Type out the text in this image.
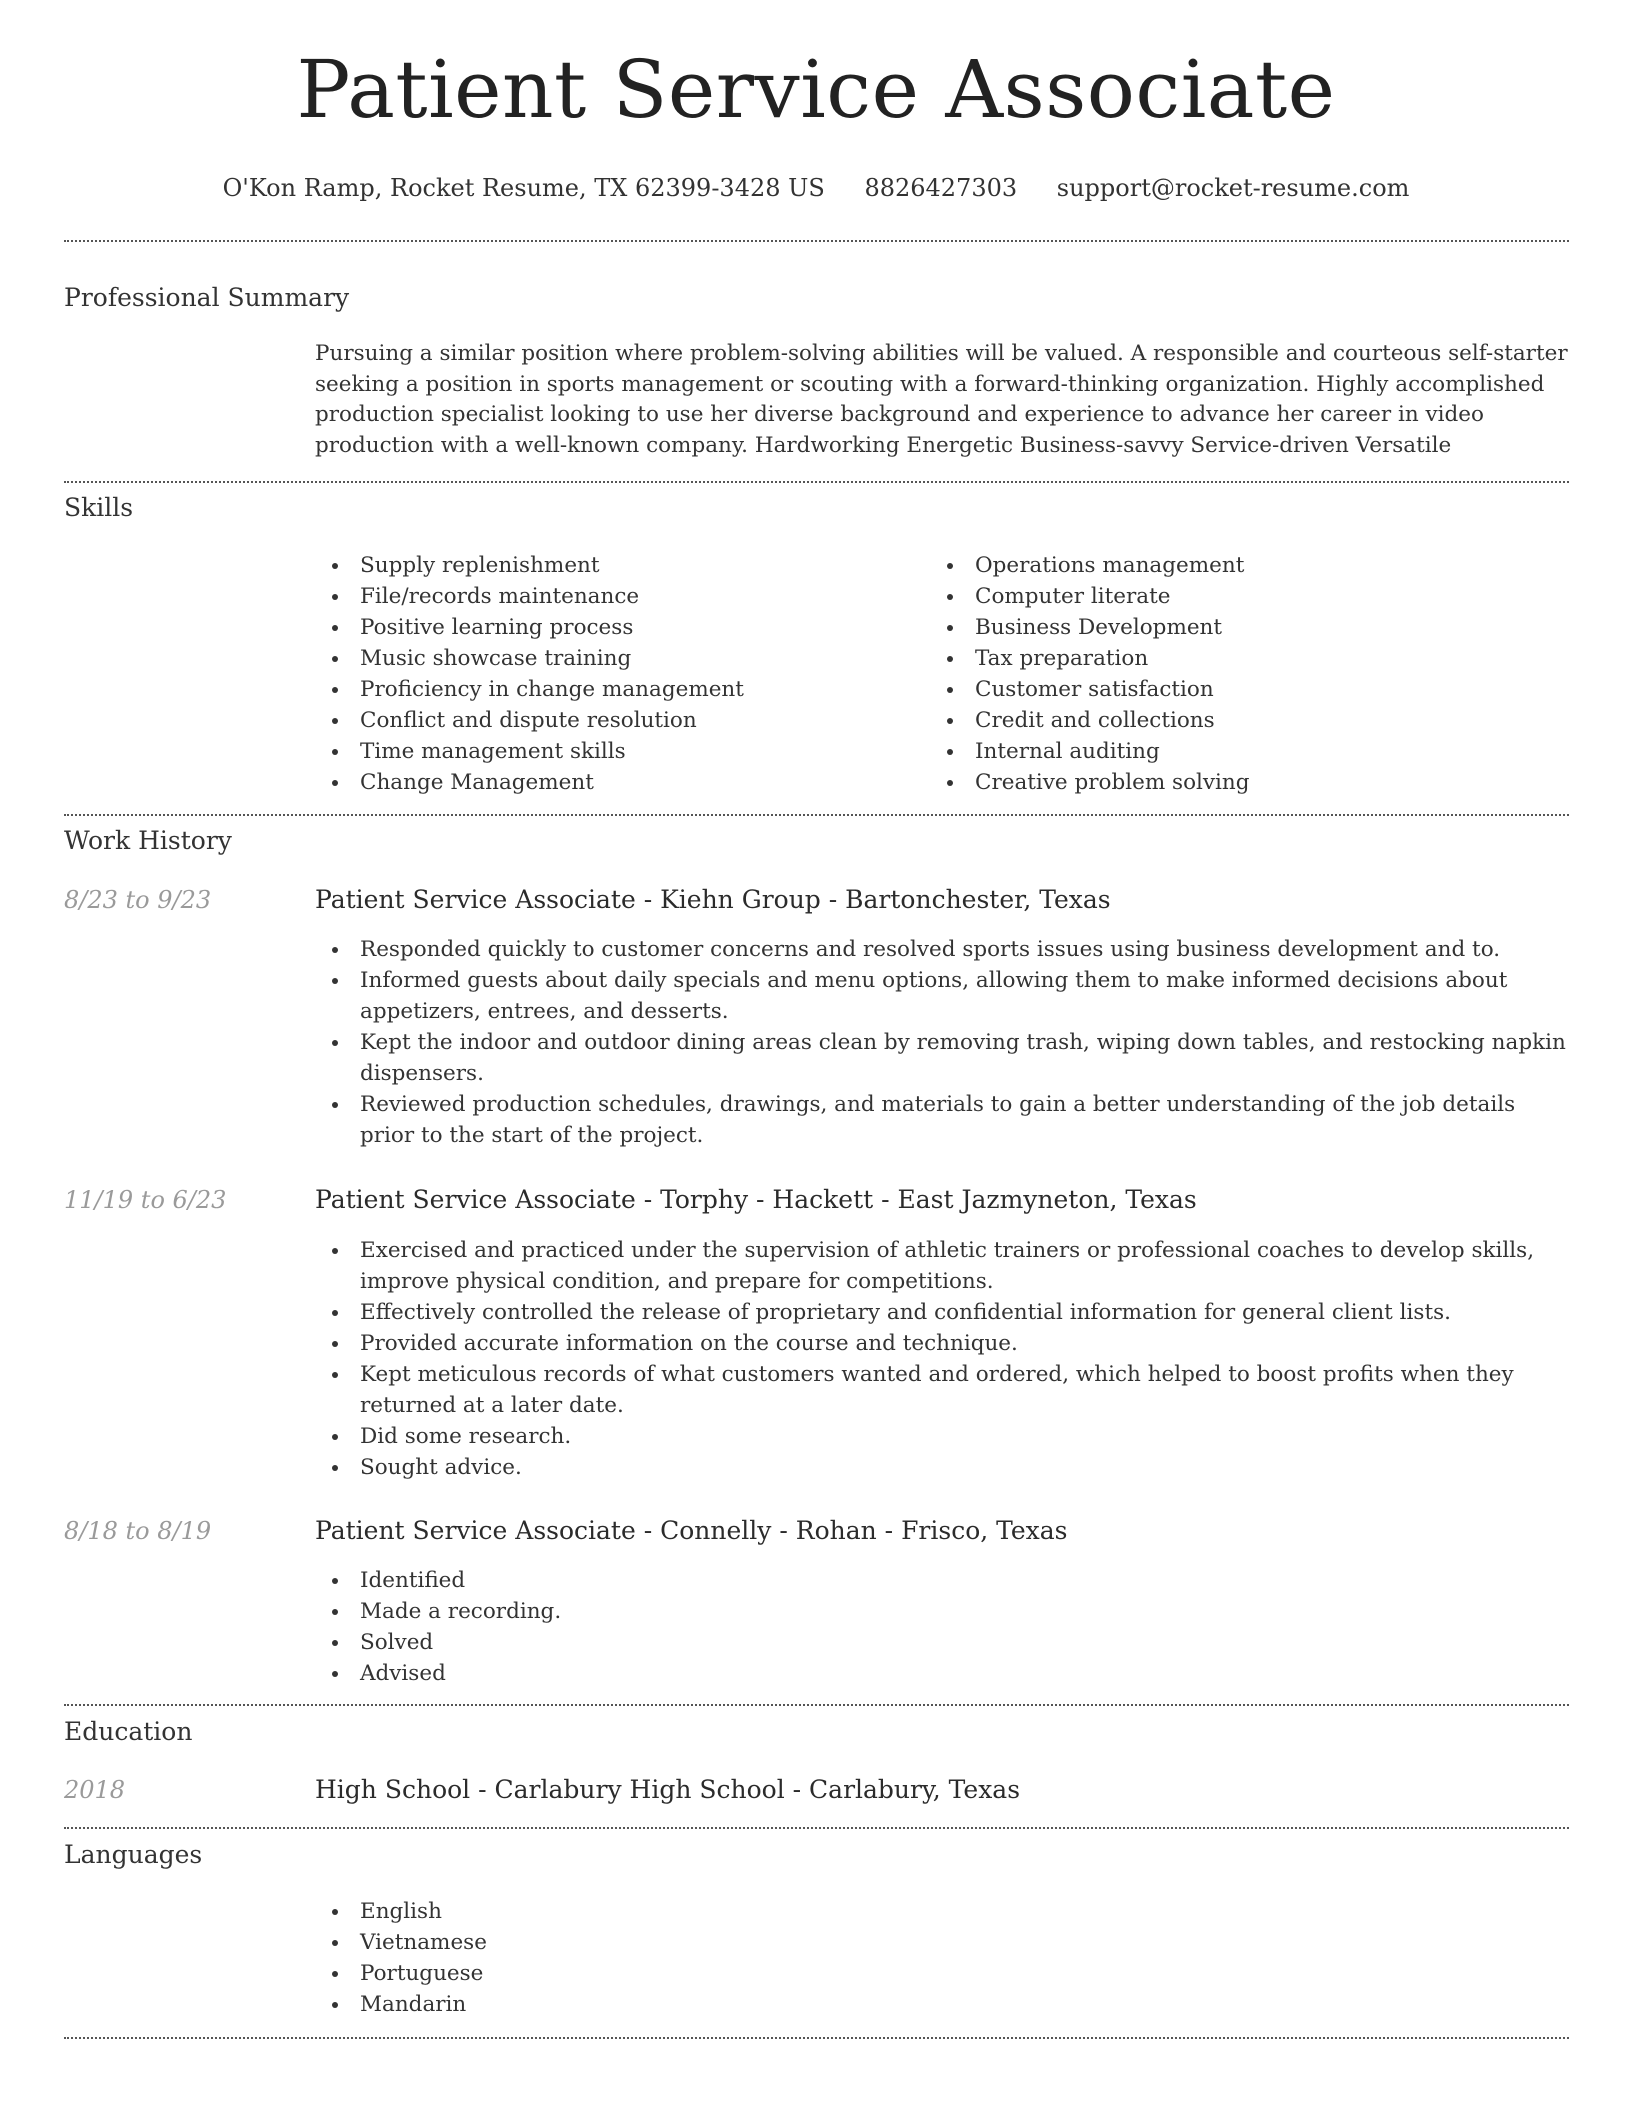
Patient Service Associate
O'Kon Ramp, Rocket Resume, TX 62399-3428 US 8826427303 support@rocket-resume.com
Professional Summary
Pursuing a similar position where problem-solving abilities will be valued. A responsible and courteous self-starter seeking a position in sports management or scouting with a forward-thinking organization. Highly accomplished production specialist looking to use her diverse background and experience to advance her career in video production with a well-known company. Hardworking Energetic Business-savvy Service-driven Versatile
Skills
Supply replenishment
File/records maintenance
Positive learning process
Music showcase training
Proficiency in change management
Conflict and dispute resolution
Time management skills
Change Management
Operations management
Computer literate
Business Development
Tax preparation
Customer satisfaction
Credit and collections
Internal auditing
Creative problem solving
Work History
8/23 to 9/23	Patient Service Associate - Kiehn Group - Bartonchester, Texas
Responded quickly to customer concerns and resolved sports issues using business development and to.
Informed guests about daily specials and menu options, allowing them to make informed decisions about appetizers, entrees, and desserts.
Kept the indoor and outdoor dining areas clean by removing trash, wiping down tables, and restocking napkin dispensers.
Reviewed production schedules, drawings, and materials to gain a better understanding of the job details prior to the start of the project.
11/19 to 6/23	Patient Service Associate - Torphy - Hackett - East Jazmyneton, Texas
Exercised and practiced under the supervision of athletic trainers or professional coaches to develop skills, improve physical condition, and prepare for competitions.
Effectively controlled the release of proprietary and confidential information for general client lists.
Provided accurate information on the course and technique.
Kept meticulous records of what customers wanted and ordered, which helped to boost profits when they returned at a later date.
Did some research.
Sought advice.
8/18 to 8/19	Patient Service Associate - Connelly - Rohan - Frisco, Texas
Identified
Made a recording.
Solved
Advised
Education
2018	High School - Carlabury High School - Carlabury, Texas
Languages
English
Vietnamese
Portuguese
Mandarin
